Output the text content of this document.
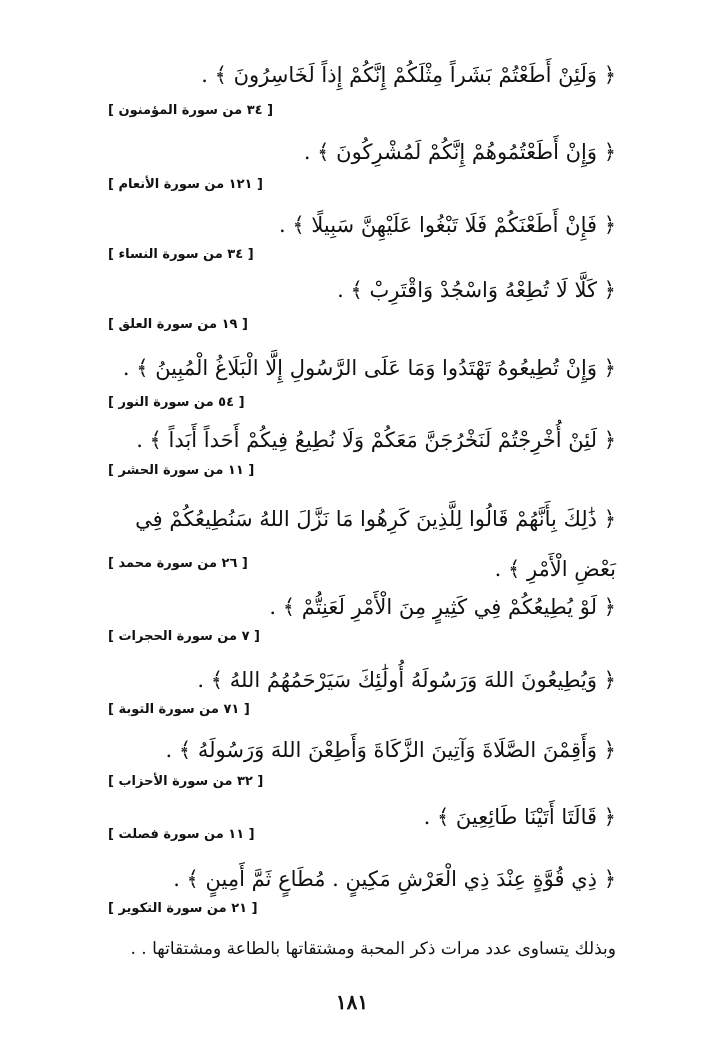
﴿ وَلَئِنْ أَطَعْتُمْ بَشَراً مِثْلَكُمْ إِنَّكُمْ إِذاً لَخَاسِرُونَ ﴾ .
[ ٣٤ من سورة المؤمنون ]
﴿ وَإِنْ أَطَعْتُمُوهُمْ إِنَّكُمْ لَمُشْرِكُونَ ﴾ .
[ ١٢١ من سورة الأنعام ]
﴿ فَإِنْ أَطَعْنَكُمْ فَلَا تَبْغُوا عَلَيْهِنَّ سَبِيلًا ﴾ .
[ ٣٤ من سورة النساء ]
﴿ كَلَّا لَا تُطِعْهُ وَاسْجُدْ وَاقْتَرِبْ ﴾ .
[ ١٩ من سورة العلق ]
﴿ وَإِنْ تُطِيعُوهُ تَهْتَدُوا وَمَا عَلَى الرَّسُولِ إِلَّا الْبَلَاغُ الْمُبِينُ ﴾ .
[ ٥٤ من سورة النور ]
﴿ لَئِنْ أُخْرِجْتُمْ لَنَخْرُجَنَّ مَعَكُمْ وَلَا نُطِيعُ فِيكُمْ أَحَداً أَبَداً ﴾ .
[ ١١ من سورة الحشر ]
﴿ ذَٰلِكَ بِأَنَّهُمْ قَالُوا لِلَّذِينَ كَرِهُوا مَا نَزَّلَ اللهُ سَنُطِيعُكُمْ فِي بَعْضِ الْأَمْرِ ﴾ .
[ ٢٦ من سورة محمد ]
﴿ لَوْ يُطِيعُكُمْ فِي كَثِيرٍ مِنَ الْأَمْرِ لَعَنِتُّمْ ﴾ .
[ ٧ من سورة الحجرات ]
﴿ وَيُطِيعُونَ اللهَ وَرَسُولَهُ أُولَٰئِكَ سَيَرْحَمُهُمُ اللهُ ﴾ .
[ ٧١ من سورة التوبة ]
﴿ وَأَقِمْنَ الصَّلَاةَ وَآتِينَ الزَّكَاةَ وَأَطِعْنَ اللهَ وَرَسُولَهُ ﴾ .
[ ٣٢ من سورة الأحزاب ]
﴿ قَالَتَا أَتَيْنَا طَائِعِينَ ﴾ .
[ ١١ من سورة فصلت ]
﴿ ذِي قُوَّةٍ عِنْدَ ذِي الْعَرْشِ مَكِينٍ . مُطَاعٍ ثَمَّ أَمِينٍ ﴾ .
[ ٢١ من سورة التكوير ]
وبذلك يتساوى عدد مرات ذكر المحبة ومشتقاتها بالطاعة ومشتقاتها . .
١٨١
